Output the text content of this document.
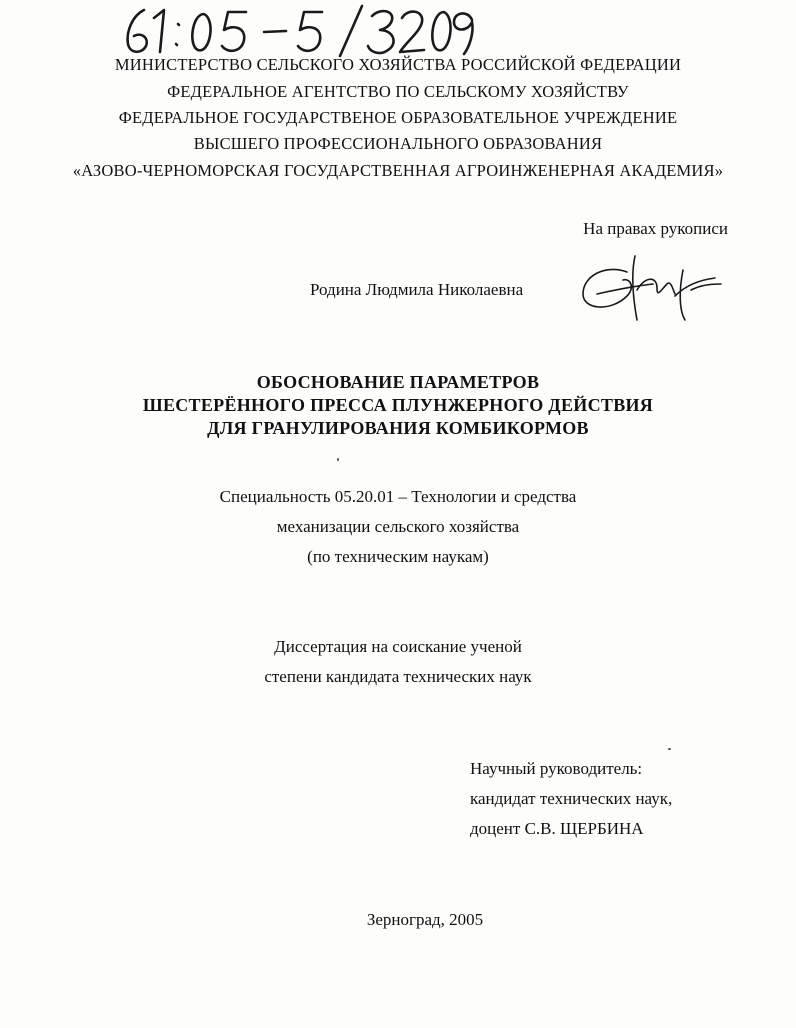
МИНИСТЕРСТВО СЕЛЬСКОГО ХОЗЯЙСТВА РОССИЙСКОЙ ФЕДЕРАЦИИ
ФЕДЕРАЛЬНОЕ АГЕНТСТВО ПО СЕЛЬСКОМУ ХОЗЯЙСТВУ
ФЕДЕРАЛЬНОЕ ГОСУДАРСТВЕНОЕ ОБРАЗОВАТЕЛЬНОЕ УЧРЕЖДЕНИЕ
ВЫСШЕГО ПРОФЕССИОНАЛЬНОГО ОБРАЗОВАНИЯ
«АЗОВО-ЧЕРНОМОРСКАЯ ГОСУДАРСТВЕННАЯ АГРОИНЖЕНЕРНАЯ АКАДЕМИЯ»
На правах рукописи
Родина Людмила Николаевна
ОБОСНОВАНИЕ ПАРАМЕТРОВ
ШЕСТЕРЁННОГО ПРЕССА ПЛУНЖЕРНОГО ДЕЙСТВИЯ
ДЛЯ ГРАНУЛИРОВАНИЯ КОМБИКОРМОВ
Специальность 05.20.01 – Технологии и средства
механизации сельского хозяйства
(по техническим наукам)
Диссертация на соискание ученой
степени кандидата технических наук
Научный руководитель:
кандидат технических наук,
доцент С.В. ЩЕРБИНА
Зерноград, 2005
